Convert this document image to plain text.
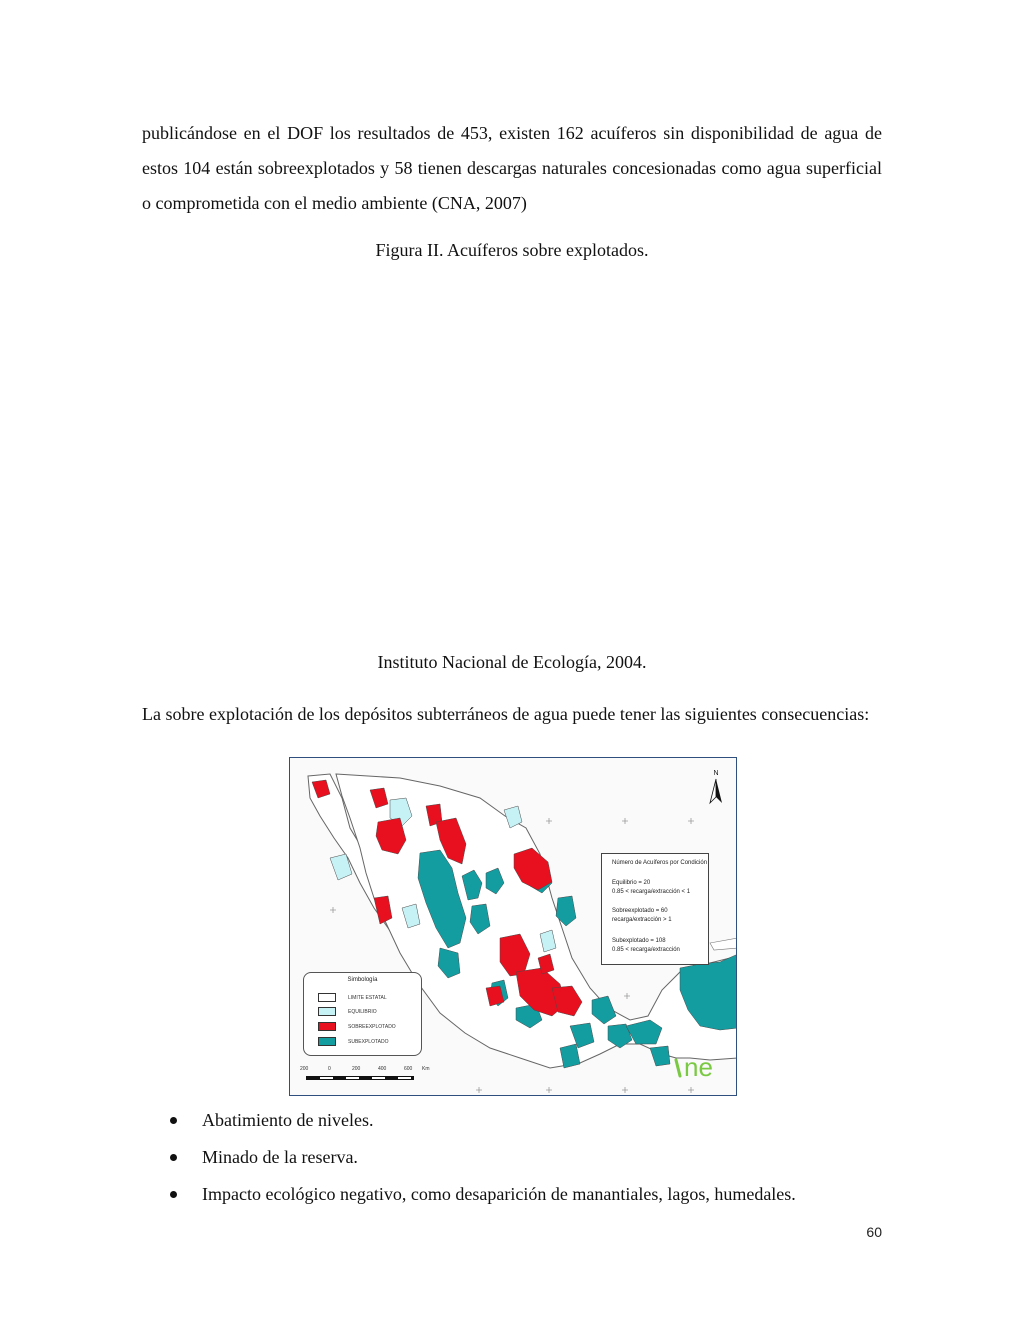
publicándose en el DOF los resultados de 453, existen 162 acuíferos sin disponibilidad de agua de estos 104 están sobreexplotados y 58 tienen descargas naturales concesionadas como agua superficial o comprometida con el medio ambiente (CNA, 2007)

Figura II. Acuíferos sobre explotados.

Instituto Nacional de Ecología, 2004.

La sobre explotación de los depósitos subterráneos de agua puede tener las siguientes consecuencias:

N
Número de Acuíferos por Condición
Equilibrio = 20
0.85 < recarga/extracción < 1
Sobreexplotado = 60
recarga/extracción > 1
Subexplotado = 108
0.85 < recarga/extracción
Simbología
LIMITE ESTATAL
EQUILIBRIO
SOBREEXPLOTADO
SUBEXPLOTADO
200	0	200	400	600 Km	ne
Abatimiento de niveles.
Minado de la reserva.
Impacto ecológico negativo, como desaparición de manantiales, lagos, humedales.
60
